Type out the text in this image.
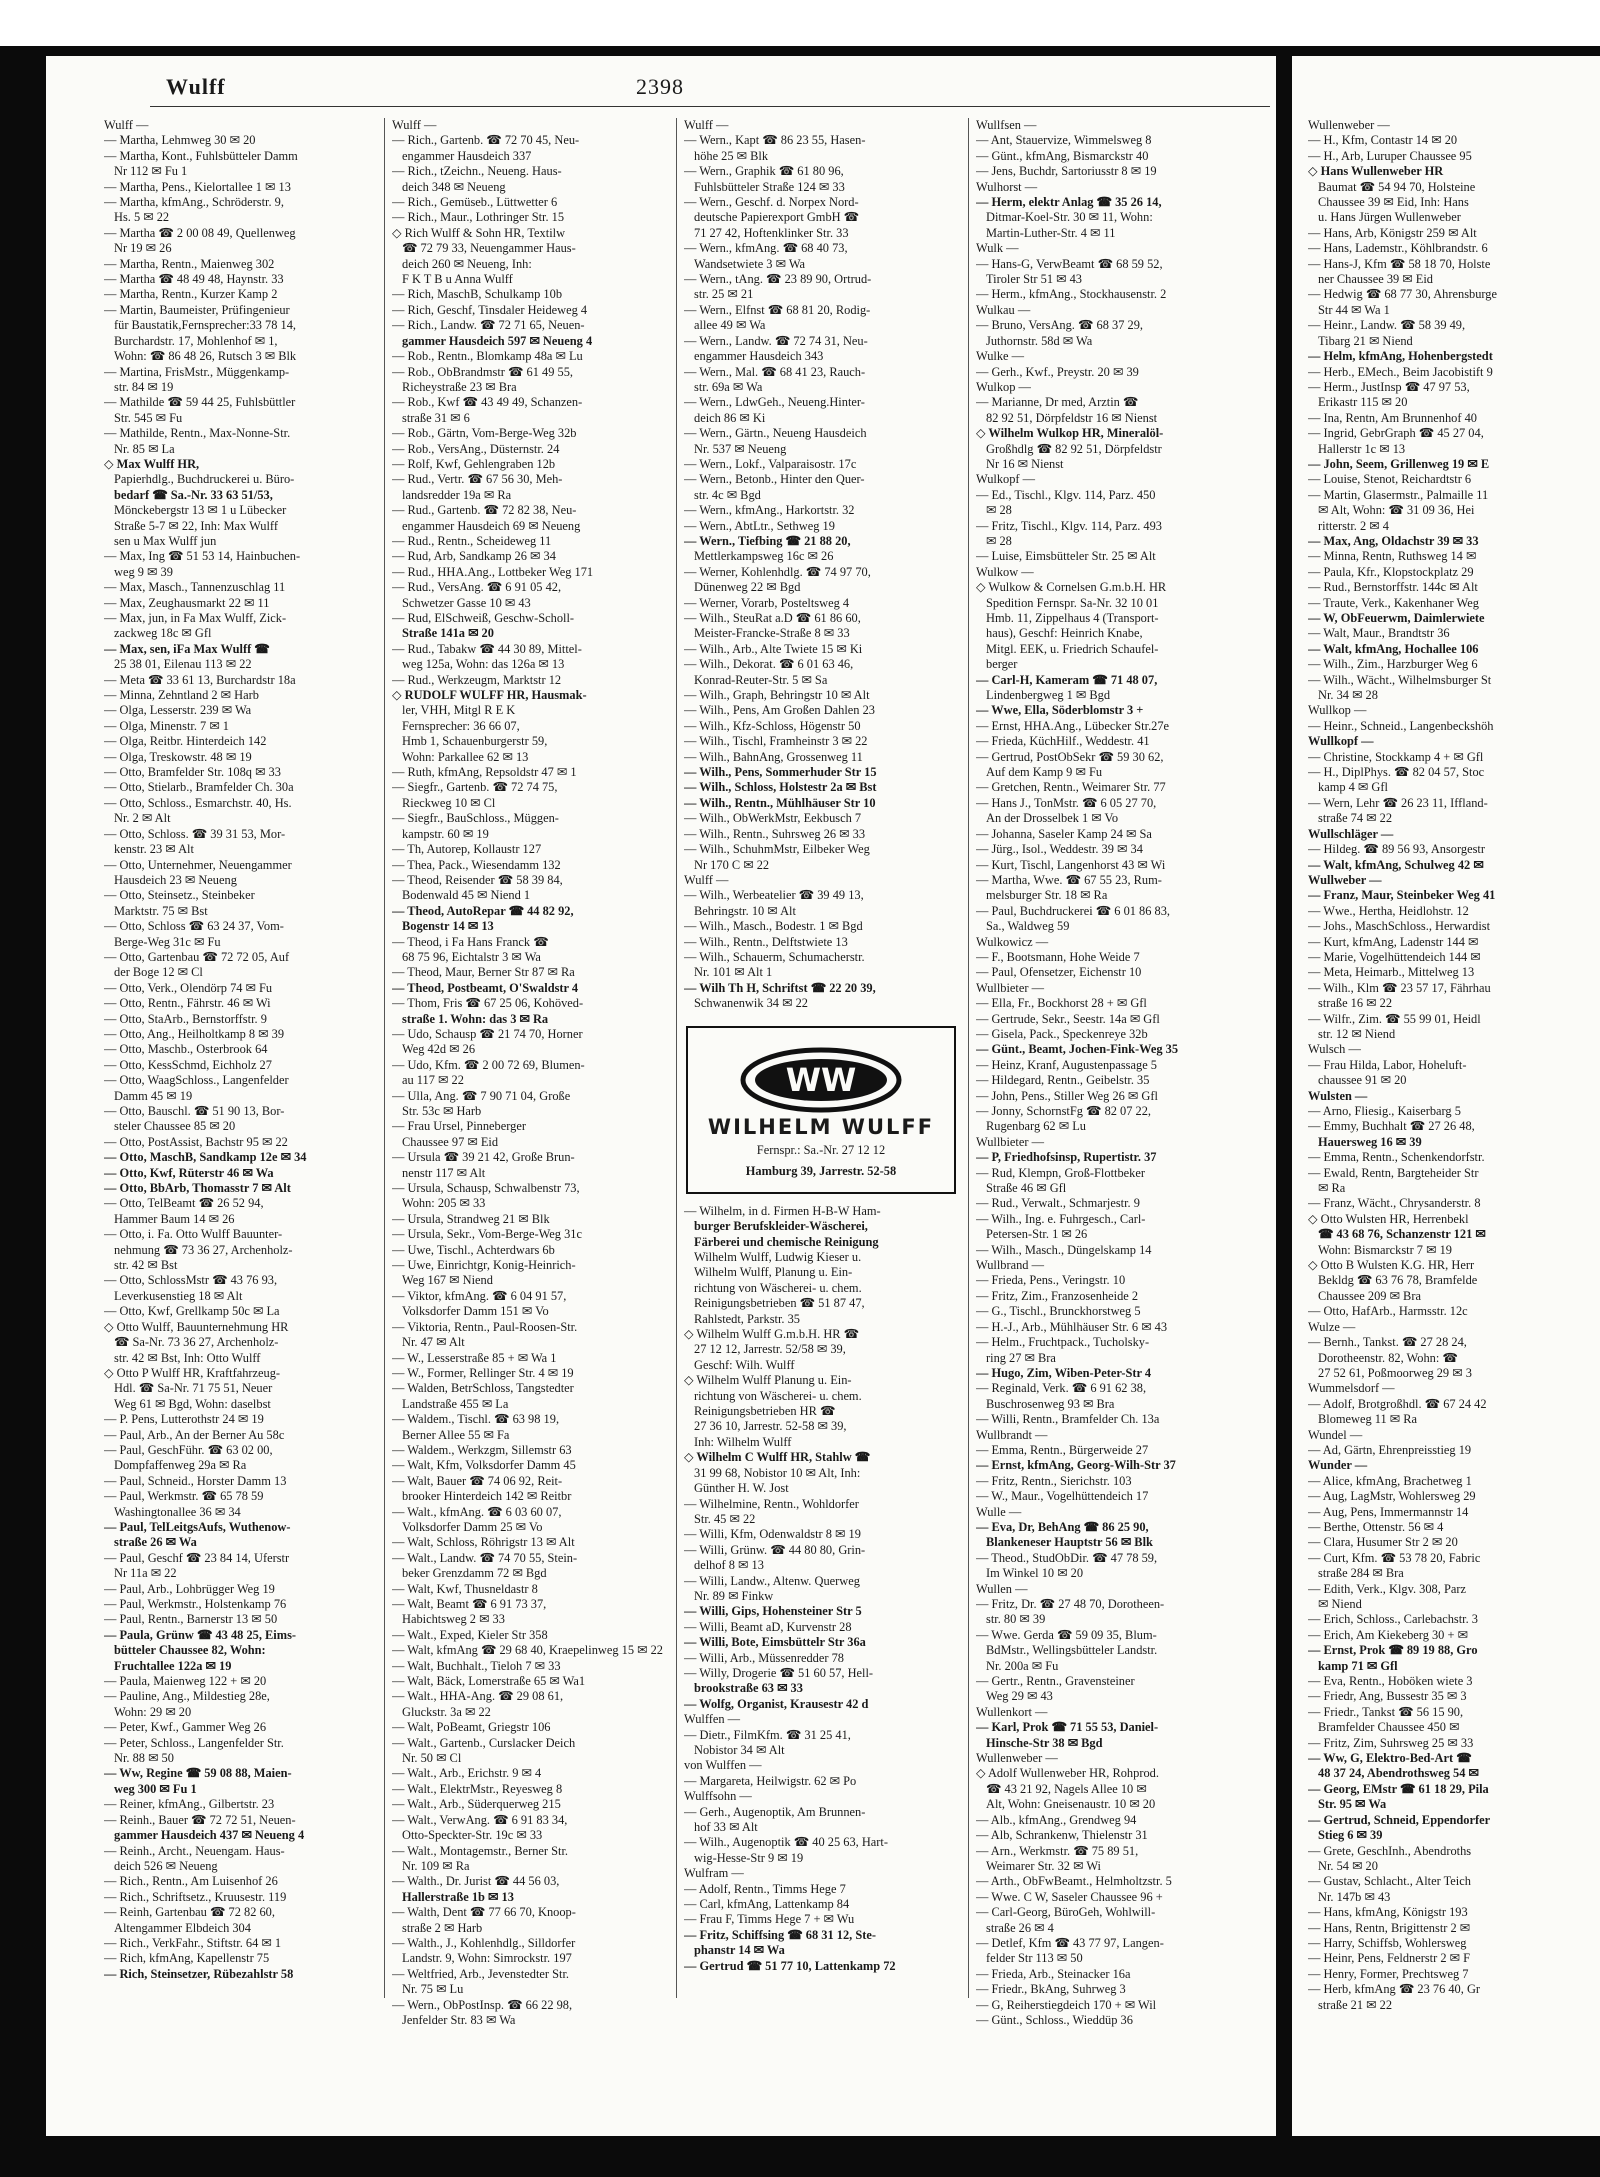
Wulff	2398
Wulff —
— Martha, Lehmweg 30 ✉ 20
— Martha, Kont., Fuhlsbütteler Damm
Nr 112 ✉ Fu 1
— Martha, Pens., Kielortallee 1 ✉ 13
— Martha, kfmAng., Schröderstr. 9,
Hs. 5 ✉ 22
— Martha ☎ 2 00 08 49, Quellenweg
Nr 19 ✉ 26
— Martha, Rentn., Maienweg 302
— Martha ☎ 48 49 48, Haynstr. 33
— Martha, Rentn., Kurzer Kamp 2
— Martin, Baumeister, Prüfingenieur
für Baustatik,Fernsprecher:33 78 14,
Burchardstr. 17, Mohlenhof ✉ 1,
Wohn: ☎ 86 48 26, Rutsch 3 ✉ Blk
— Martina, FrisMstr., Müggenkamp-
str. 84 ✉ 19
— Mathilde ☎ 59 44 25, Fuhlsbüttler
Str. 545 ✉ Fu
— Mathilde, Rentn., Max-Nonne-Str.
Nr. 85 ✉ La
◇ Max Wulff HR,
Papierhdlg., Buchdruckerei u. Büro-
bedarf ☎ Sa.-Nr. 33 63 51/53,
Mönckebergstr 13 ✉ 1 u Lübecker
Straße 5-7 ✉ 22, Inh: Max Wulff
sen u Max Wulff jun
— Max, Ing ☎ 51 53 14, Hainbuchen-
weg 9 ✉ 39
— Max, Masch., Tannenzuschlag 11
— Max, Zeughausmarkt 22 ✉ 11
— Max, jun, in Fa Max Wulff, Zick-
zackweg 18c ✉ Gfl
— Max, sen, iFa Max Wulff ☎
25 38 01, Eilenau 113 ✉ 22
— Meta ☎ 33 61 13, Burchardstr 18a
— Minna, Zehntland 2 ✉ Harb
— Olga, Lesserstr. 239 ✉ Wa
— Olga, Minenstr. 7 ✉ 1
— Olga, Reitbr. Hinterdeich 142
— Olga, Treskowstr. 48 ✉ 19
— Otto, Bramfelder Str. 108q ✉ 33
— Otto, Stielarb., Bramfelder Ch. 30a
— Otto, Schloss., Esmarchstr. 40, Hs.
Nr. 2 ✉ Alt
— Otto, Schloss. ☎ 39 31 53, Mor-
kenstr. 23 ✉ Alt
— Otto, Unternehmer, Neuengammer
Hausdeich 23 ✉ Neueng
— Otto, Steinsetz., Steinbeker
Marktstr. 75 ✉ Bst
— Otto, Schloss ☎ 63 24 37, Vom-
Berge-Weg 31c ✉ Fu
— Otto, Gartenbau ☎ 72 72 05, Auf
der Boge 12 ✉ Cl
— Otto, Verk., Olendörp 74 ✉ Fu
— Otto, Rentn., Fährstr. 46 ✉ Wi
— Otto, StaArb., Bernstorffstr. 9
— Otto, Ang., Heilholtkamp 8 ✉ 39
— Otto, Maschb., Osterbrook 64
— Otto, KessSchmd, Eichholz 27
— Otto, WaagSchloss., Langenfelder
Damm 45 ✉ 19
— Otto, Bauschl. ☎ 51 90 13, Bor-
steler Chaussee 85 ✉ 20
— Otto, PostAssist, Bachstr 95 ✉ 22
— Otto, MaschB, Sandkamp 12e ✉ 34
— Otto, Kwf, Rüterstr 46 ✉ Wa
— Otto, BbArb, Thomasstr 7 ✉ Alt
— Otto, TelBeamt ☎ 26 52 94,
Hammer Baum 14 ✉ 26
— Otto, i. Fa. Otto Wulff Bauunter-
nehmung ☎ 73 36 27, Archenholz-
str. 42 ✉ Bst
— Otto, SchlossMstr ☎ 43 76 93,
Leverkusenstieg 18 ✉ Alt
— Otto, Kwf, Grellkamp 50c ✉ La
◇ Otto Wulff, Bauunternehmung HR
☎ Sa-Nr. 73 36 27, Archenholz-
str. 42 ✉ Bst, Inh: Otto Wulff
◇ Otto P Wulff HR, Kraftfahrzeug-
Hdl. ☎ Sa-Nr. 71 75 51, Neuer
Weg 61 ✉ Bgd, Wohn: daselbst
— P. Pens, Lutterothstr 24 ✉ 19
— Paul, Arb., An der Berner Au 58c
— Paul, GeschFühr. ☎ 63 02 00,
Dompfaffenweg 29a ✉ Ra
— Paul, Schneid., Horster Damm 13
— Paul, Werkmstr. ☎ 65 78 59
Washingtonallee 36 ✉ 34
— Paul, TelLeitgsAufs, Wuthenow-
straße 26 ✉ Wa
— Paul, Geschf ☎ 23 84 14, Uferstr
Nr 11a ✉ 22
— Paul, Arb., Lohbrügger Weg 19
— Paul, Werkmstr., Holstenkamp 76
— Paul, Rentn., Barnerstr 13 ✉ 50
— Paula, Grünw ☎ 43 48 25, Eims-
bütteler Chaussee 82, Wohn:
Fruchtallee 122a ✉ 19
— Paula, Maienweg 122 + ✉ 20
— Pauline, Ang., Mildestieg 28e,
Wohn: 29 ✉ 20
— Peter, Kwf., Gammer Weg 26
— Peter, Schloss., Langenfelder Str.
Nr. 88 ✉ 50
— Ww, Regine ☎ 59 08 88, Maien-
weg 300 ✉ Fu 1
— Reiner, kfmAng., Gilbertstr. 23
— Reinh., Bauer ☎ 72 72 51, Neuen-
gammer Hausdeich 437 ✉ Neueng 4
— Reinh., Archt., Neuengam. Haus-
deich 526 ✉ Neueng
— Rich., Rentn., Am Luisenhof 26
— Rich., Schriftsetz., Kruusestr. 119
— Reinh, Gartenbau ☎ 72 82 60,
Altengammer Elbdeich 304
— Rich., VerkFahr., Stiftstr. 64 ✉ 1
— Rich, kfmAng, Kapellenstr 75
— Rich, Steinsetzer, Rübezahlstr 58
Wulff —
— Rich., Gartenb. ☎ 72 70 45, Neu-
engammer Hausdeich 337
— Rich., tZeichn., Neueng. Haus-
deich 348 ✉ Neueng
— Rich., Gemüseb., Lüttwetter 6
— Rich., Maur., Lothringer Str. 15
◇ Rich Wulff & Sohn HR, Textilw
☎ 72 79 33, Neuengammer Haus-
deich 260 ✉ Neueng, Inh:
F K T B u Anna Wulff
— Rich, MaschB, Schulkamp 10b
— Rich, Geschf, Tinsdaler Heideweg 4
— Rich., Landw. ☎ 72 71 65, Neuen-
gammer Hausdeich 597 ✉ Neueng 4
— Rob., Rentn., Blomkamp 48a ✉ Lu
— Rob., ObBrandmstr ☎ 61 49 55,
Richeystraße 23 ✉ Bra
— Rob., Kwf ☎ 43 49 49, Schanzen-
straße 31 ✉ 6
— Rob., Gärtn, Vom-Berge-Weg 32b
— Rob., VersAng., Düsternstr. 24
— Rolf, Kwf, Gehlengraben 12b
— Rud., Vertr. ☎ 67 56 30, Meh-
landsredder 19a ✉ Ra
— Rud., Gartenb. ☎ 72 82 38, Neu-
engammer Hausdeich 69 ✉ Neueng
— Rud., Rentn., Scheideweg 11
— Rud, Arb, Sandkamp 26 ✉ 34
— Rud., HHA.Ang., Lottbeker Weg 171
— Rud., VersAng. ☎ 6 91 05 42,
Schwetzer Gasse 10 ✉ 43
— Rud, ElSchweiß, Geschw-Scholl-
Straße 141a ✉ 20
— Rud., Tabakw ☎ 44 30 89, Mittel-
weg 125a, Wohn: das 126a ✉ 13
— Rud., Werkzeugm, Marktstr 12
◇ RUDOLF WULFF HR, Hausmak-
ler, VHH, Mitgl R E K
Fernsprecher: 36 66 07,
Hmb 1, Schauenburgerstr 59,
Wohn: Parkallee 62 ✉ 13
— Ruth, kfmAng, Repsoldstr 47 ✉ 1
— Siegfr., Gartenb. ☎ 72 74 75,
Rieckweg 10 ✉ Cl
— Siegfr., BauSchloss., Müggen-
kampstr. 60 ✉ 19
— Th, Autorep, Kollaustr 127
— Thea, Pack., Wiesendamm 132
— Theod, Reisender ☎ 58 39 84,
Bodenwald 45 ✉ Niend 1
— Theod, AutoRepar ☎ 44 82 92,
Bogenstr 14 ✉ 13
— Theod, i Fa Hans Franck ☎
68 75 96, Eichtalstr 3 ✉ Wa
— Theod, Maur, Berner Str 87 ✉ Ra
— Theod, Postbeamt, O'Swaldstr 4
— Thom, Fris ☎ 67 25 06, Kohöved-
straße 1. Wohn: das 3 ✉ Ra
— Udo, Schausp ☎ 21 74 70, Horner
Weg 42d ✉ 26
— Udo, Kfm. ☎ 2 00 72 69, Blumen-
au 117 ✉ 22
— Ulla, Ang. ☎ 7 90 71 04, Große
Str. 53c ✉ Harb
— Frau Ursel, Pinneberger
Chaussee 97 ✉ Eid
— Ursula ☎ 39 21 42, Große Brun-
nenstr 117 ✉ Alt
— Ursula, Schausp, Schwalbenstr 73,
Wohn: 205 ✉ 33
— Ursula, Strandweg 21 ✉ Blk
— Ursula, Sekr., Vom-Berge-Weg 31c
— Uwe, Tischl., Achterdwars 6b
— Uwe, Einrichtgr, Konig-Heinrich-
Weg 167 ✉ Niend
— Viktor, kfmAng. ☎ 6 04 91 57,
Volksdorfer Damm 151 ✉ Vo
— Viktoria, Rentn., Paul-Roosen-Str.
Nr. 47 ✉ Alt
— W., Lesserstraße 85 + ✉ Wa 1
— W., Former, Rellinger Str. 4 ✉ 19
— Walden, BetrSchloss, Tangstedter
Landstraße 455 ✉ La
— Waldem., Tischl. ☎ 63 98 19,
Berner Allee 55 ✉ Fa
— Waldem., Werkzgm, Sillemstr 63
— Walt, Kfm, Volksdorfer Damm 45
— Walt, Bauer ☎ 74 06 92, Reit-
brooker Hinterdeich 142 ✉ Reitbr
— Walt., kfmAng. ☎ 6 03 60 07,
Volksdorfer Damm 25 ✉ Vo
— Walt, Schloss, Röhrigstr 13 ✉ Alt
— Walt., Landw. ☎ 74 70 55, Stein-
beker Grenzdamm 72 ✉ Bgd
— Walt, Kwf, Thusneldastr 8
— Walt, Beamt ☎ 6 91 73 37,
Habichtsweg 2 ✉ 33
— Walt., Exped, Kieler Str 358
— Walt, kfmAng ☎ 29 68 40, Kraepelinweg 15 ✉ 22
— Walt, Buchhalt., Tieloh 7 ✉ 33
— Walt, Bäck, Lomerstraße 65 ✉ Wa1
— Walt., HHA-Ang. ☎ 29 08 61,
Gluckstr. 3a ✉ 22
— Walt, PoBeamt, Griegstr 106
— Walt., Gartenb., Curslacker Deich
Nr. 50 ✉ Cl
— Walt., Arb., Erichstr. 9 ✉ 4
— Walt., ElektrMstr., Reyesweg 8
— Walt., Arb., Süderquerweg 215
— Walt., VerwAng. ☎ 6 91 83 34,
Otto-Speckter-Str. 19c ✉ 33
— Walt., Montagemstr., Berner Str.
Nr. 109 ✉ Ra
— Walth., Dr. Jurist ☎ 44 56 03,
Hallerstraße 1b ✉ 13
— Walth, Dent ☎ 77 66 70, Knoop-
straße 2 ✉ Harb
— Walth., J., Kohlenhdlg., Silldorfer
Landstr. 9, Wohn: Simrockstr. 197
— Weltfried, Arb., Jevenstedter Str.
Nr. 75 ✉ Lu
— Wern., ObPostInsp. ☎ 66 22 98,
Jenfelder Str. 83 ✉ Wa
Wulff —
— Wern., Kapt ☎ 86 23 55, Hasen-
höhe 25 ✉ Blk
— Wern., Graphik ☎ 61 80 96,
Fuhlsbütteler Straße 124 ✉ 33
— Wern., Geschf. d. Norpex Nord-
deutsche Papierexport GmbH ☎
71 27 42, Hoftenklinker Str. 33
— Wern., kfmAng. ☎ 68 40 73,
Wandsetwiete 3 ✉ Wa
— Wern., tAng. ☎ 23 89 90, Ortrud-
str. 25 ✉ 21
— Wern., Elfnst ☎ 68 81 20, Rodig-
allee 49 ✉ Wa
— Wern., Landw. ☎ 72 74 31, Neu-
engammer Hausdeich 343
— Wern., Mal. ☎ 68 41 23, Rauch-
str. 69a ✉ Wa
— Wern., LdwGeh., Neueng.Hinter-
deich 86 ✉ Ki
— Wern., Gärtn., Neueng Hausdeich
Nr. 537 ✉ Neueng
— Wern., Lokf., Valparaisostr. 17c
— Wern., Betonb., Hinter den Quer-
str. 4c ✉ Bgd
— Wern., kfmAng., Harkortstr. 32
— Wern., AbtLtr., Sethweg 19
— Wern., Tiefbing ☎ 21 88 20,
Mettlerkampsweg 16c ✉ 26
— Werner, Kohlenhdlg. ☎ 74 97 70,
Dünenweg 22 ✉ Bgd
— Werner, Vorarb, Posteltsweg 4
— Wilh., SteuRat a.D ☎ 61 86 60,
Meister-Francke-Straße 8 ✉ 33
— Wilh., Arb., Alte Twiete 15 ✉ Ki
— Wilh., Dekorat. ☎ 6 01 63 46,
Konrad-Reuter-Str. 5 ✉ Sa
— Wilh., Graph, Behringstr 10 ✉ Alt
— Wilh., Pens, Am Großen Dahlen 23
— Wilh., Kfz-Schloss, Högenstr 50
— Wilh., Tischl, Framheinstr 3 ✉ 22
— Wilh., BahnAng, Grossenweg 11
— Wilh., Pens, Sommerhuder Str 15
— Wilh., Schloss, Holstestr 2a ✉ Bst
— Wilh., Rentn., Mühlhäuser Str 10
— Wilh., ObWerkMstr, Eekbusch 7
— Wilh., Rentn., Suhrsweg 26 ✉ 33
— Wilh., SchuhmMstr, Eilbeker Weg
Nr 170 C ✉ 22
Wulff —
— Wilh., Werbeatelier ☎ 39 49 13,
Behringstr. 10 ✉ Alt
— Wilh., Masch., Bodestr. 1 ✉ Bgd
— Wilh., Rentn., Delftstwiete 13
— Wilh., Schauerm, Schumacherstr.
Nr. 101 ✉ Alt 1
— Wilh Th H, Schriftst ☎ 22 20 39,
Schwanenwik 34 ✉ 22
WW
WILHELM WULFF
Fernspr.: Sa.-Nr. 27 12 12
Hamburg 39, Jarrestr. 52-58
— Wilhelm, in d. Firmen H-B-W Ham-
burger Berufskleider-Wäscherei,
Färberei und chemische Reinigung
Wilhelm Wulff, Ludwig Kieser u.
Wilhelm Wulff, Planung u. Ein-
richtung von Wäscherei- u. chem.
Reinigungsbetrieben ☎ 51 87 47,
Rahlstedt, Parkstr. 35
◇ Wilhelm Wulff G.m.b.H. HR ☎
27 12 12, Jarrestr. 52/58 ✉ 39,
Geschf: Wilh. Wulff
◇ Wilhelm Wulff Planung u. Ein-
richtung von Wäscherei- u. chem.
Reinigungsbetrieben HR ☎
27 36 10, Jarrestr. 52-58 ✉ 39,
Inh: Wilhelm Wulff
◇ Wilhelm C Wulff HR, Stahlw ☎
31 99 68, Nobistor 10 ✉ Alt, Inh:
Günther H. W. Jost
— Wilhelmine, Rentn., Wohldorfer
Str. 45 ✉ 22
— Willi, Kfm, Odenwaldstr 8 ✉ 19
— Willi, Grünw. ☎ 44 80 80, Grin-
delhof 8 ✉ 13
— Willi, Landw., Altenw. Querweg
Nr. 89 ✉ Finkw
— Willi, Gips, Hohensteiner Str 5
— Willi, Beamt aD, Kurvenstr 28
— Willi, Bote, Eimsbüttelr Str 36a
— Willi, Arb., Müssenredder 78
— Willy, Drogerie ☎ 51 60 57, Hell-
brookstraße 63 ✉ 33
— Wolfg, Organist, Krausestr 42 d
Wulffen —
— Dietr., FilmKfm. ☎ 31 25 41,
Nobistor 34 ✉ Alt
von Wulffen —
— Margareta, Heilwigstr. 62 ✉ Po
Wulffsohn —
— Gerh., Augenoptik, Am Brunnen-
hof 33 ✉ Alt
— Wilh., Augenoptik ☎ 40 25 63, Hart-
wig-Hesse-Str 9 ✉ 19
Wulfram —
— Adolf, Rentn., Timms Hege 7
— Carl, kfmAng, Lattenkamp 84
— Frau F, Timms Hege 7 + ✉ Wu
— Fritz, Schiffsing ☎ 68 31 12, Ste-
phanstr 14 ✉ Wa
— Gertrud ☎ 51 77 10, Lattenkamp 72
Wullfsen —
— Ant, Stauervize, Wimmelsweg 8
— Günt., kfmAng, Bismarckstr 40
— Jens, Buchdr, Sartoriusstr 8 ✉ 19
Wulhorst —
— Herm, elektr Anlag ☎ 35 26 14,
Ditmar-Koel-Str. 30 ✉ 11, Wohn:
Martin-Luther-Str. 4 ✉ 11
Wulk —
— Hans-G, VerwBeamt ☎ 68 59 52,
Tiroler Str 51 ✉ 43
— Herm., kfmAng., Stockhausenstr. 2
Wulkau —
— Bruno, VersAng. ☎ 68 37 29,
Juthornstr. 58d ✉ Wa
Wulke —
— Gerh., Kwf., Preystr. 20 ✉ 39
Wulkop —
— Marianne, Dr med, Arztin ☎
82 92 51, Dörpfeldstr 16 ✉ Nienst
◇ Wilhelm Wulkop HR, Mineralöl-
Großhdlg ☎ 82 92 51, Dörpfeldstr
Nr 16 ✉ Nienst
Wulkopf —
— Ed., Tischl., Klgv. 114, Parz. 450
✉ 28
— Fritz, Tischl., Klgv. 114, Parz. 493
✉ 28
— Luise, Eimsbütteler Str. 25 ✉ Alt
Wulkow —
◇ Wulkow & Cornelsen G.m.b.H. HR
Spedition Fernspr. Sa-Nr. 32 10 01
Hmb. 11, Zippelhaus 4 (Transport-
haus), Geschf: Heinrich Knabe,
Mitgl. EEK, u. Friedrich Schaufel-
berger
— Carl-H, Kameram ☎ 71 48 07,
Lindenbergweg 1 ✉ Bgd
— Wwe, Ella, Söderblomstr 3 +
— Ernst, HHA.Ang., Lübecker Str.27e
— Frieda, KüchHilf., Weddestr. 41
— Gertrud, PostObSekr ☎ 59 30 62,
Auf dem Kamp 9 ✉ Fu
— Gretchen, Rentn., Weimarer Str. 77
— Hans J., TonMstr. ☎ 6 05 27 70,
An der Drosselbek 1 ✉ Vo
— Johanna, Saseler Kamp 24 ✉ Sa
— Jürg., Isol., Weddestr. 39 ✉ 34
— Kurt, Tischl, Langenhorst 43 ✉ Wi
— Martha, Wwe. ☎ 67 55 23, Rum-
melsburger Str. 18 ✉ Ra
— Paul, Buchdruckerei ☎ 6 01 86 83,
Sa., Waldweg 59
Wulkowicz —
— F., Bootsmann, Hohe Weide 7
— Paul, Ofensetzer, Eichenstr 10
Wullbieter —
— Ella, Fr., Bockhorst 28 + ✉ Gfl
— Gertrude, Sekr., Seestr. 14a ✉ Gfl
— Gisela, Pack., Speckenreye 32b
— Günt., Beamt, Jochen-Fink-Weg 35
— Heinz, Kranf, Augustenpassage 5
— Hildegard, Rentn., Geibelstr. 35
— John, Pens., Stiller Weg 26 ✉ Gfl
— Jonny, SchornstFg ☎ 82 07 22,
Rugenbarg 62 ✉ Lu
Wullbieter —
— P, Friedhofsinsp, Rupertistr. 37
— Rud, Klempn, Groß-Flottbeker
Straße 46 ✉ Gfl
— Rud., Verwalt., Schmarjestr. 9
— Wilh., Ing. e. Fuhrgesch., Carl-
Petersen-Str. 1 ✉ 26
— Wilh., Masch., Düngelskamp 14
Wullbrand —
— Frieda, Pens., Veringstr. 10
— Fritz, Zim., Franzosenheide 2
— G., Tischl., Brunckhorstweg 5
— H.-J., Arb., Mühlhäuser Str. 6 ✉ 43
— Helm., Fruchtpack., Tucholsky-
ring 27 ✉ Bra
— Hugo, Zim, Wiben-Peter-Str 4
— Reginald, Verk. ☎ 6 91 62 38,
Buschrosenweg 93 ✉ Bra
— Willi, Rentn., Bramfelder Ch. 13a
Wullbrandt —
— Emma, Rentn., Bürgerweide 27
— Ernst, kfmAng, Georg-Wilh-Str 37
— Fritz, Rentn., Sierichstr. 103
— W., Maur., Vogelhüttendeich 17
Wulle —
— Eva, Dr, BehAng ☎ 86 25 90,
Blankeneser Hauptstr 56 ✉ Blk
— Theod., StudObDir. ☎ 47 78 59,
Im Winkel 10 ✉ 20
Wullen —
— Fritz, Dr. ☎ 27 48 70, Dorotheen-
str. 80 ✉ 39
— Wwe. Gerda ☎ 59 09 35, Blum-
BdMstr., Wellingsbütteler Landstr.
Nr. 200a ✉ Fu
— Gertr., Rentn., Gravensteiner
Weg 29 ✉ 43
Wullenkort —
— Karl, Prok ☎ 71 55 53, Daniel-
Hinsche-Str 38 ✉ Bgd
Wullenweber —
◇ Adolf Wullenweber HR, Rohprod.
☎ 43 21 92, Nagels Allee 10 ✉
Alt, Wohn: Gneisenaustr. 10 ✉ 20
— Alb., kfmAng., Grendweg 94
— Alb, Schrankenw, Thielenstr 31
— Arn., Werkmstr. ☎ 75 89 51,
Weimarer Str. 32 ✉ Wi
— Arth., ObFwBeamt., Helmholtzstr. 5
— Wwe. C W, Saseler Chaussee 96 +
— Carl-Georg, BüroGeh, Wohlwill-
straße 26 ✉ 4
— Detlef, Kfm ☎ 43 77 97, Langen-
felder Str 113 ✉ 50
— Frieda, Arb., Steinacker 16a
— Friedr., BkAng, Suhrweg 3
— G, Reiherstiegdeich 170 + ✉ Wil
— Günt., Schloss., Wieddüp 36
Wullenweber —
— H., Kfm, Contastr 14 ✉ 20
— H., Arb, Luruper Chaussee 95
◇ Hans Wullenweber HR
Baumat ☎ 54 94 70, Holsteine
Chaussee 39 ✉ Eid, Inh: Hans
u. Hans Jürgen Wullenweber
— Hans, Arb, Königstr 259 ✉ Alt
— Hans, Lademstr., Köhlbrandstr. 6
— Hans-J, Kfm ☎ 58 18 70, Holste
ner Chaussee 39 ✉ Eid
— Hedwig ☎ 68 77 30, Ahrensburge
Str 44 ✉ Wa 1
— Heinr., Landw. ☎ 58 39 49,
Tibarg 21 ✉ Niend
— Helm, kfmAng, Hohenbergstedt
— Herb., EMech., Beim Jacobistift 9
— Herm., JustInsp ☎ 47 97 53,
Erikastr 115 ✉ 20
— Ina, Rentn, Am Brunnenhof 40
— Ingrid, GebrGraph ☎ 45 27 04,
Hallerstr 1c ✉ 13
— John, Seem, Grillenweg 19 ✉ E
— Louise, Stenot, Reichardtstr 6
— Martin, Glasermstr., Palmaille 11
✉ Alt, Wohn: ☎ 31 09 36, Hei
ritterstr. 2 ✉ 4
— Max, Ang, Oldachstr 39 ✉ 33
— Minna, Rentn, Ruthsweg 14 ✉
— Paula, Kfr., Klopstockplatz 29
— Rud., Bernstorffstr. 144c ✉ Alt
— Traute, Verk., Kakenhaner Weg
— W, ObFeuerwm, Daimlerwiete
— Walt, Maur., Brandtstr 36
— Walt, kfmAng, Hochallee 106
— Wilh., Zim., Harzburger Weg 6
— Wilh., Wächt., Wilhelmsburger St
Nr. 34 ✉ 28
Wullkop —
— Heinr., Schneid., Langenbeckshöh
Wullkopf —
— Christine, Stockkamp 4 + ✉ Gfl
— H., DiplPhys. ☎ 82 04 57, Stoc
kamp 4 ✉ Gfl
— Wern, Lehr ☎ 26 23 11, Iffland-
straße 74 ✉ 22
Wullschläger —
— Hildeg. ☎ 89 56 93, Ansorgestr
— Walt, kfmAng, Schulweg 42 ✉
Wullweber —
— Franz, Maur, Steinbeker Weg 41
— Wwe., Hertha, Heidlohstr. 12
— Johs., MaschSchloss., Herwardist
— Kurt, kfmAng, Ladenstr 144 ✉
— Marie, Vogelhüttendeich 144 ✉
— Meta, Heimarb., Mittelweg 13
— Wilh., Klm ☎ 23 57 17, Fährhau
straße 16 ✉ 22
— Wilfr., Zim. ☎ 55 99 01, Heidl
str. 12 ✉ Niend
Wulsch —
— Frau Hilda, Labor, Hoheluft-
chaussee 91 ✉ 20
Wulsten —
— Arno, Fliesig., Kaiserbarg 5
— Emmy, Buchhalt ☎ 27 26 48,
Hauersweg 16 ✉ 39
— Emma, Rentn., Schenkendorfstr.
— Ewald, Rentn, Bargteheider Str
✉ Ra
— Franz, Wächt., Chrysanderstr. 8
◇ Otto Wulsten HR, Herrenbekl
☎ 43 68 76, Schanzenstr 121 ✉
Wohn: Bismarckstr 7 ✉ 19
◇ Otto B Wulsten K.G. HR, Herr
Bekldg ☎ 63 76 78, Bramfelde
Chaussee 209 ✉ Bra
— Otto, HafArb., Harmsstr. 12c
Wulze —
— Bernh., Tankst. ☎ 27 28 24,
Dorotheenstr. 82, Wohn: ☎
27 52 61, Poßmoorweg 29 ✉ 3
Wummelsdorf —
— Adolf, Brotgroßhdl. ☎ 67 24 42
Blomeweg 11 ✉ Ra
Wundel —
— Ad, Gärtn, Ehrenpreisstieg 19
Wunder —
— Alice, kfmAng, Brachetweg 1
— Aug, LagMstr, Wohlersweg 29
— Aug, Pens, Immermannstr 14
— Berthe, Ottenstr. 56 ✉ 4
— Clara, Husumer Str 2 ✉ 20
— Curt, Kfm. ☎ 53 78 20, Fabric
straße 284 ✉ Bra
— Edith, Verk., Klgv. 308, Parz
✉ Niend
— Erich, Schloss., Carlebachstr. 3
— Erich, Am Kiekeberg 30 + ✉
— Ernst, Prok ☎ 89 19 88, Gro
kamp 71 ✉ Gfl
— Eva, Rentn., Hoböken wiete 3
— Friedr, Ang, Bussestr 35 ✉ 3
— Friedr., Tankst ☎ 56 15 90,
Bramfelder Chaussee 450 ✉
— Fritz, Zim, Suhrsweg 25 ✉ 33
— Ww, G, Elektro-Bed-Art ☎
48 37 24, Abendrothsweg 54 ✉
— Georg, EMstr ☎ 61 18 29, Pila
Str. 95 ✉ Wa
— Gertrud, Schneid, Eppendorfer
Stieg 6 ✉ 39
— Grete, GeschInh., Abendroths
Nr. 54 ✉ 20
— Gustav, Schlacht., Alter Teich
Nr. 147b ✉ 43
— Hans, kfmAng, Königstr 193
— Hans, Rentn, Brigittenstr 2 ✉
— Harry, Schiffsb, Wohlersweg
— Heinr, Pens, Feldnerstr 2 ✉ F
— Henry, Former, Prechtsweg 7
— Herb, kfmAng ☎ 23 76 40, Gr
straße 21 ✉ 22
